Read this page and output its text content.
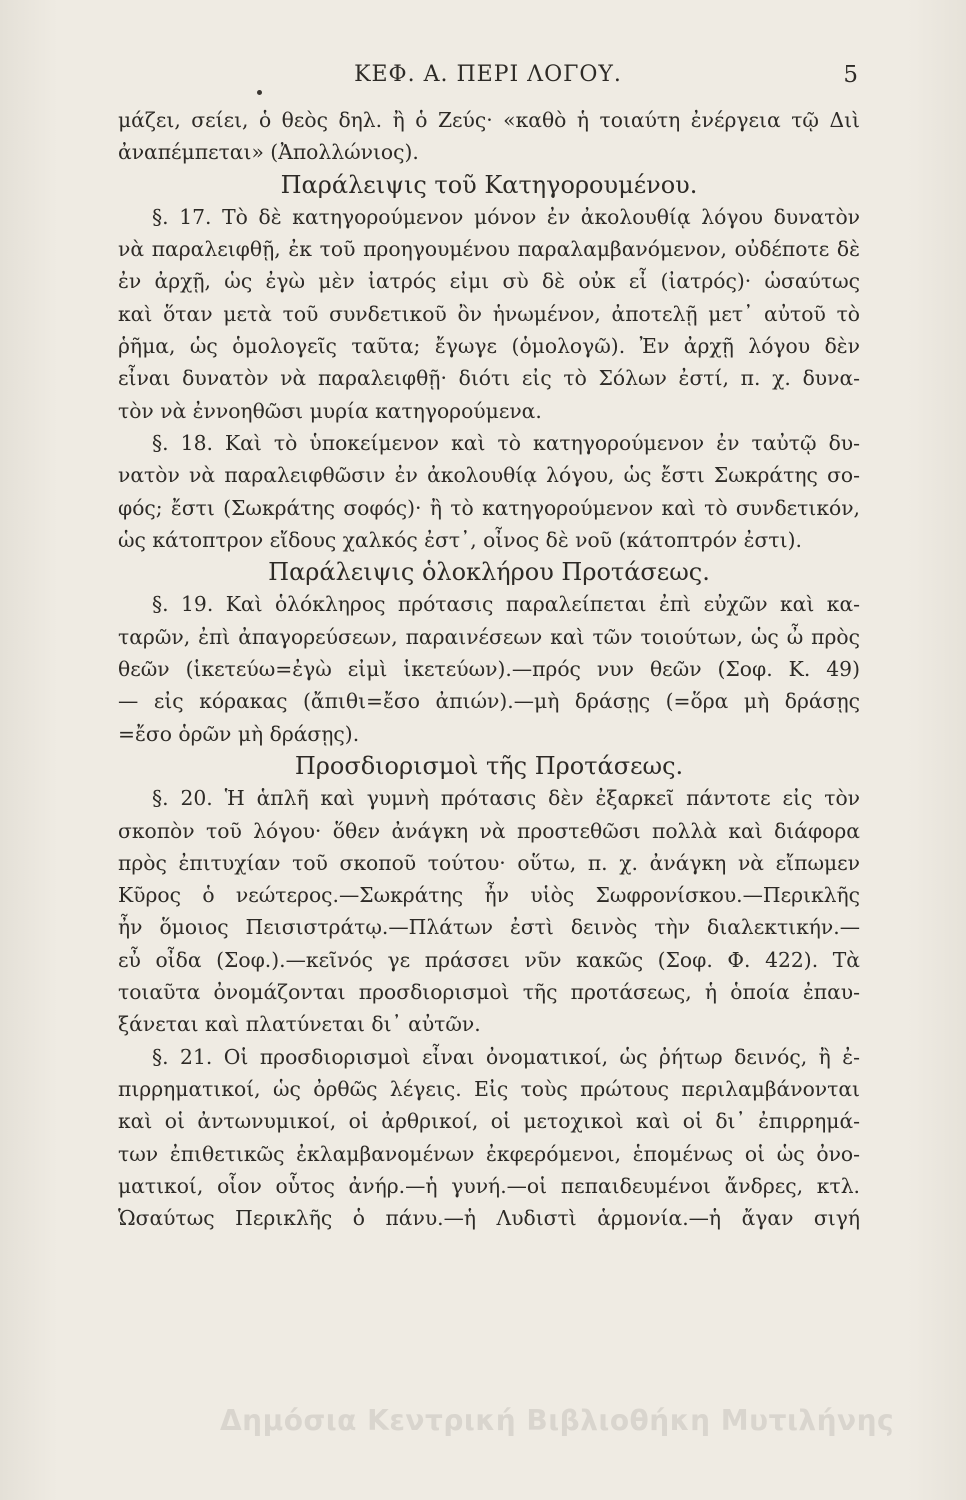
ΚΕΦ. Α. ΠΕΡΙ ΛΟΓΟΥ.	5
μάζει, σείει, ὁ θεὸς δηλ. ἢ ὁ Ζεύς· «καθὸ ἡ τοιαύτη ἐνέργεια τῷ Διὶ
ἀναπέμπεται» (Ἀπολλώνιος).
Παράλειψις τοῦ Κατηγορουμένου.
§. 17. Τὸ δὲ κατηγορούμενον μόνον ἐν ἀκολουθίᾳ λόγου δυνατὸν
νὰ παραλειφθῇ, ἐκ τοῦ προηγουμένου παραλαμβανόμενον, οὐδέποτε δὲ
ἐν ἀρχῇ, ὡς ἐγὼ μὲν ἰατρός εἰμι σὺ δὲ οὐκ εἶ (ἰατρός)· ὡσαύτως
καὶ ὅταν μετὰ τοῦ συνδετικοῦ ὂν ἡνωμένον, ἀποτελῇ μετ᾽ αὐτοῦ τὸ
ῥῆμα, ὡς ὁμολογεῖς ταῦτα; ἔγωγε (ὁμολογῶ). Ἐν ἀρχῇ λόγου δὲν
εἶναι δυνατὸν νὰ παραλειφθῇ· διότι εἰς τὸ Σόλων ἐστί, π. χ. δυνα-
τὸν νὰ ἐννοηθῶσι μυρία κατηγορούμενα.
§. 18. Καὶ τὸ ὑποκείμενον καὶ τὸ κατηγορούμενον ἐν ταὐτῷ δυ-
νατὸν νὰ παραλειφθῶσιν ἐν ἀκολουθίᾳ λόγου, ὡς ἔστι Σωκράτης σο-
φός; ἔστι (Σωκράτης σοφός)· ἢ τὸ κατηγορούμενον καὶ τὸ συνδετικόν,
ὡς κάτοπτρον εἴδους χαλκός ἐστ᾽, οἶνος δὲ νοῦ (κάτοπτρόν ἐστι).
Παράλειψις ὁλοκλήρου Προτάσεως.
§. 19. Καὶ ὁλόκληρος πρότασις παραλείπεται ἐπὶ εὐχῶν καὶ κα-
ταρῶν, ἐπὶ ἀπαγορεύσεων, παραινέσεων καὶ τῶν τοιούτων, ὡς ὦ πρὸς
θεῶν (ἱκετεύω=ἐγὼ εἰμὶ ἱκετεύων).—πρός νυν θεῶν (Σοφ. Κ. 49)
— εἰς κόρακας (ἄπιθι=ἔσο ἀπιών).—μὴ δράσῃς (=ὅρα μὴ δράσῃς
=ἔσο ὁρῶν μὴ δράσῃς).
Προσδιορισμοὶ τῆς Προτάσεως.
§. 20. Ἡ ἁπλῆ καὶ γυμνὴ πρότασις δὲν ἐξαρκεῖ πάντοτε εἰς τὸν
σκοπὸν τοῦ λόγου· ὅθεν ἀνάγκη νὰ προστεθῶσι πολλὰ καὶ διάφορα
πρὸς ἐπιτυχίαν τοῦ σκοποῦ τούτου· οὕτω, π. χ. ἀνάγκη νὰ εἴπωμεν
Κῦρος ὁ νεώτερος.—Σωκράτης ἦν υἱὸς Σωφρονίσκου.—Περικλῆς
ἦν ὅμοιος Πεισιστράτῳ.—Πλάτων ἐστὶ δεινὸς τὴν διαλεκτικήν.—
εὖ οἶδα (Σοφ.).—κεῖνός γε πράσσει νῦν κακῶς (Σοφ. Φ. 422). Τὰ
τοιαῦτα ὀνομάζονται προσδιορισμοὶ τῆς προτάσεως, ἡ ὁποία ἐπαυ-
ξάνεται καὶ πλατύνεται δι᾽ αὐτῶν.
§. 21. Οἱ προσδιορισμοὶ εἶναι ὀνοματικοί, ὡς ῥήτωρ δεινός, ἢ ἐ-
πιρρηματικοί, ὡς ὀρθῶς λέγεις. Εἰς τοὺς πρώτους περιλαμβάνονται
καὶ οἱ ἀντωνυμικοί, οἱ ἀρθρικοί, οἱ μετοχικοὶ καὶ οἱ δι᾽ ἐπιρρημά-
των ἐπιθετικῶς ἐκλαμβανομένων ἐκφερόμενοι, ἑπομένως οἱ ὡς ὀνο-
ματικοί, οἷον οὗτος ἀνήρ.—ἡ γυνή.—οἱ πεπαιδευμένοι ἄνδρες, κτλ.
Ὡσαύτως Περικλῆς ὁ πάνυ.—ἡ Λυδιστὶ ἁρμονία.—ἡ ἄγαν σιγή
Δημόσια Κεντρική Βιβλιοθήκη Μυτιλήνης
